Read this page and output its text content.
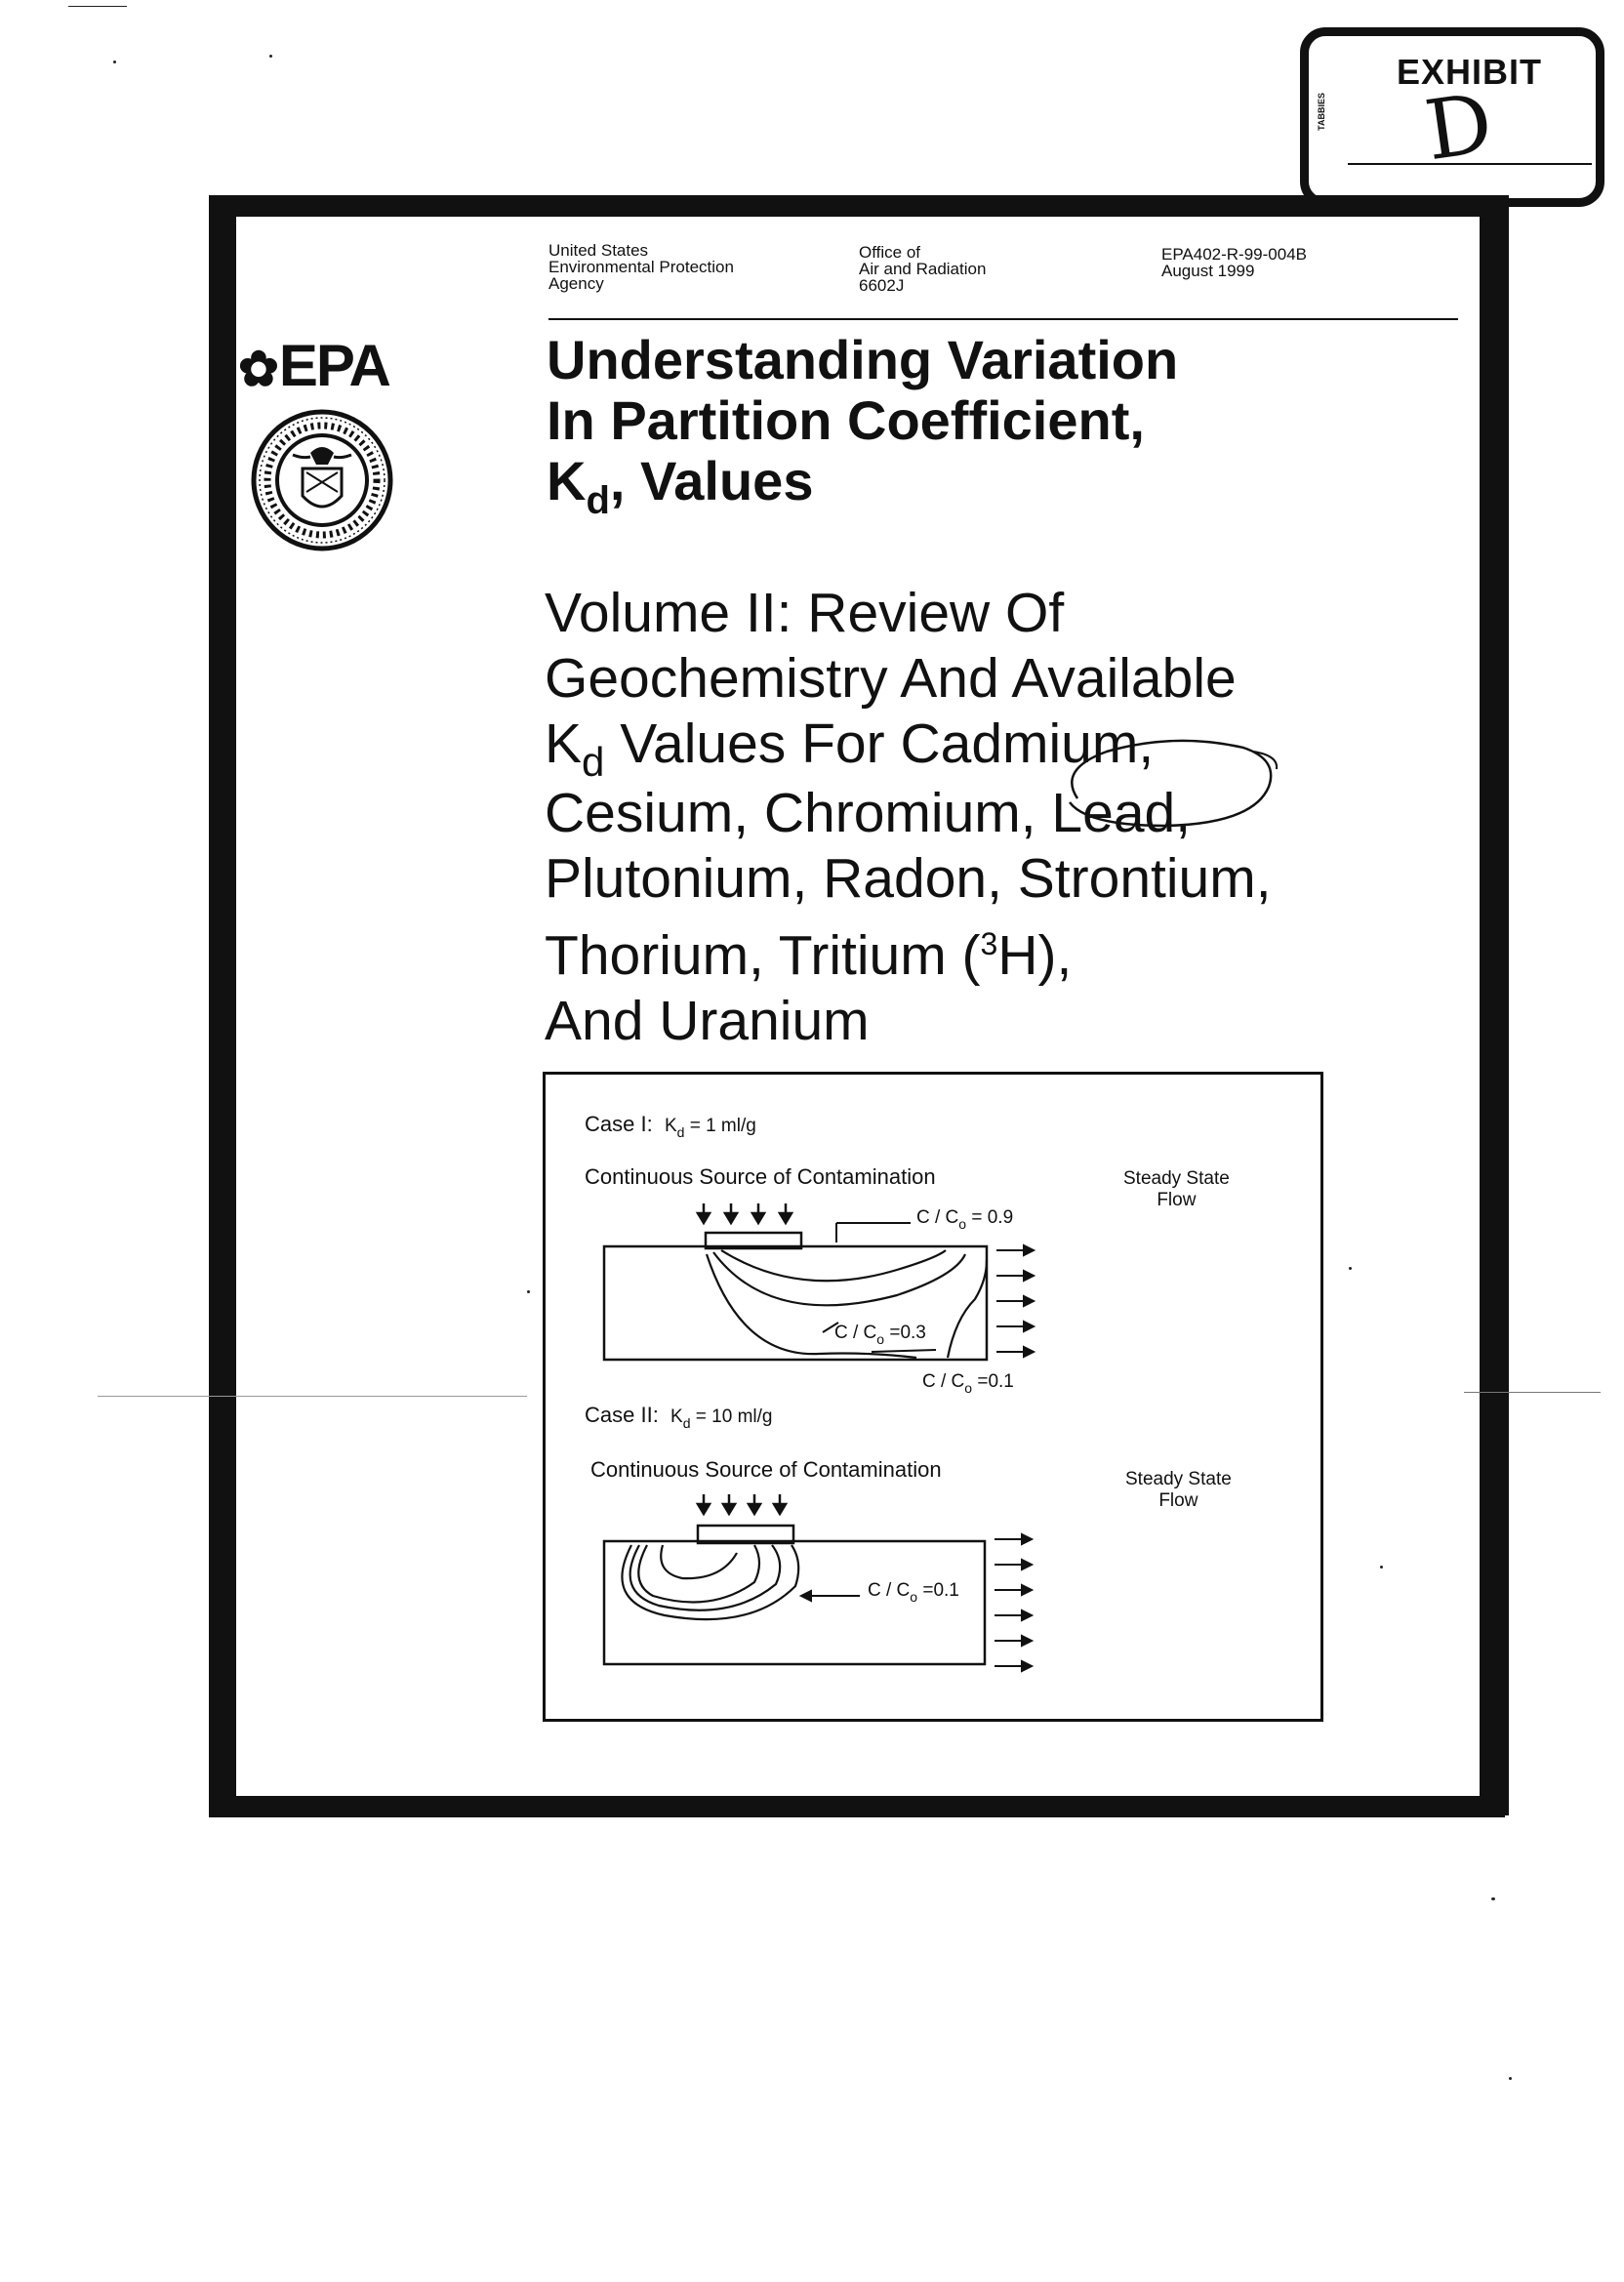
EXHIBIT
TABBIES D
United States
Environmental Protection
Agency
Office of
Air and Radiation
6602J
EPA402-R-99-004B
August 1999
✿EPA	Understanding Variation
In Partition Coefficient,
$K_d$, Values
Volume II: Review Of
Geochemistry And Available
$K_d$ Values For Cadmium,
Cesium, Chromium, Lead,
Plutonium, Radon, Strontium,
Thorium, Tritium ($^3$H),
And Uranium
Case I: $K_d = 1$ ml/g
Continuous Source of Contamination	Steady State
Flow
$C / C_o = 0.9$
$C / C_o =0.3$
$C / C_o =0.1$
Case II: $K_d = 10$ ml/g
Continuous Source of Contamination	Steady State
Flow
$C / C_o =0.1$
